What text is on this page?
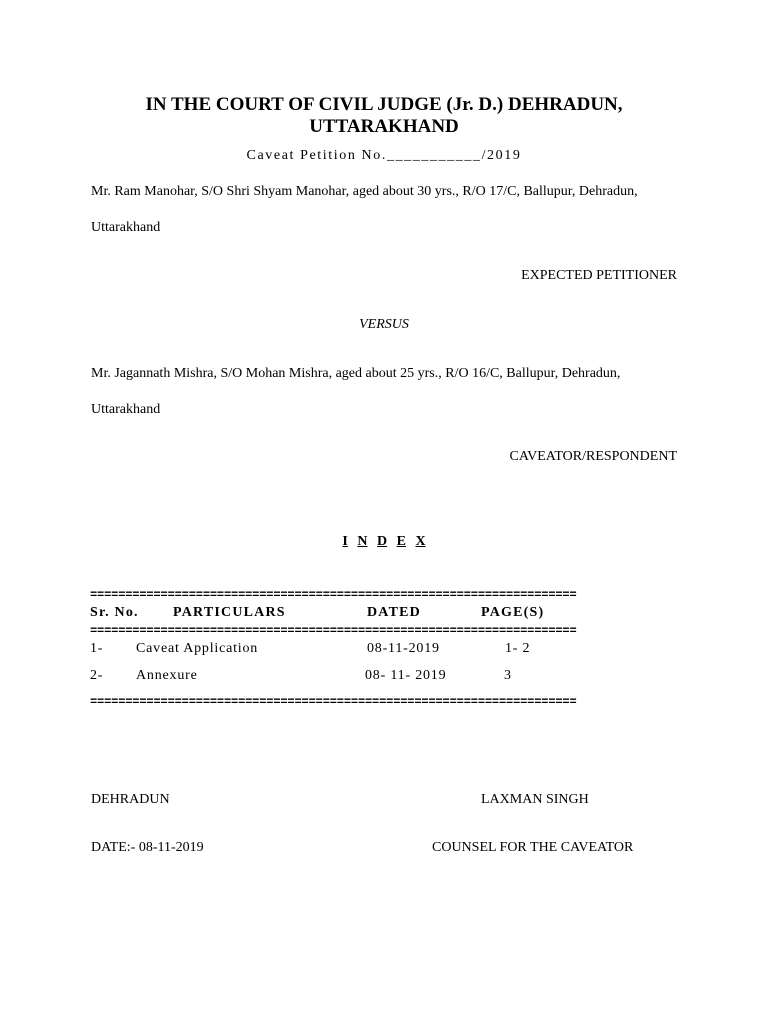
IN THE COURT OF CIVIL JUDGE (Jr. D.) DEHRADUN,
UTTARAKHAND
Caveat Petition No.___________/2019
Mr. Ram Manohar, S/O Shri Shyam Manohar, aged about 30 yrs., R/O 17/C, Ballupur, Dehradun,
Uttarakhand
EXPECTED PETITIONER
VERSUS
Mr. Jagannath Mishra, S/O Mohan Mishra, aged about 25 yrs., R/O 16/C, Ballupur, Dehradun,
Uttarakhand
CAVEATOR/RESPONDENT
I N D E X
=====================================================================
Sr. No. PARTICULARS	DATED	PAGE(S)
=====================================================================
1- Caveat Application	08-11-2019	1- 2
2- Annexure	08- 11- 2019	3
=====================================================================
DEHRADUN	LAXMAN SINGH
DATE:- 08-11-2019	COUNSEL FOR THE CAVEATOR
